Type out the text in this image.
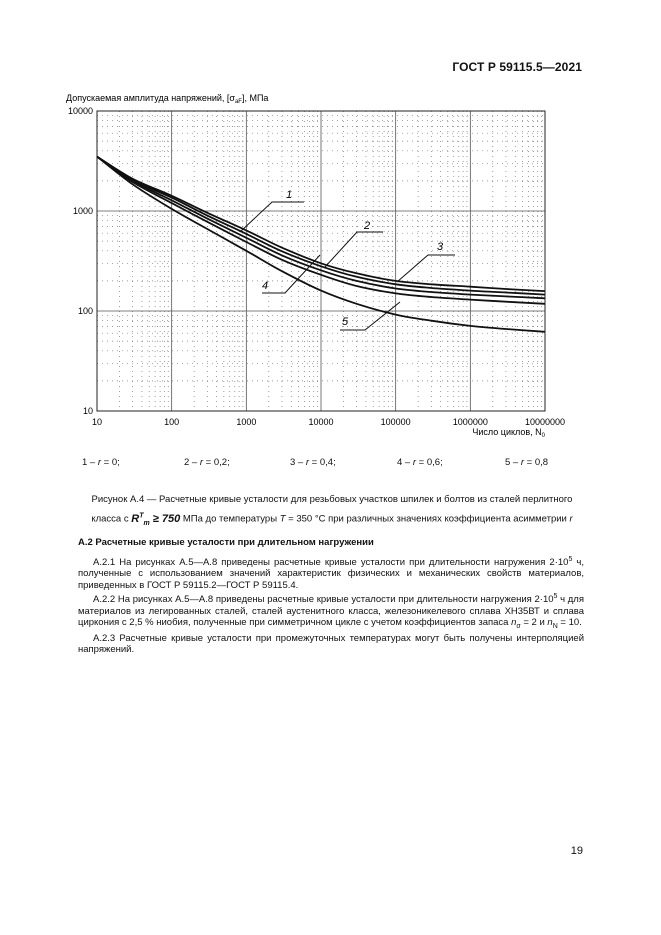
ГОСТ Р 59115.5—2021
1
2
3
4
5
10	100	1000	10000	100000	1000000	10000000
10
100
1000
10000
Допускаемая амплитуда напряжений, $[\sigma_{aF}]$, МПа
Число циклов, $N_0$
1 – r = 0;	2 – r = 0,2;	3 – r = 0,4;	4 – r = 0,6;	5 – r = 0,8
Рисунок А.4 — Расчетные кривые усталости для резьбовых участков шпилек и болтов из сталей перлитного
класса с $R^T_m \ge 750$ МПа до температуры T = 350 °С при различных значениях коэффициента асимметрии r
А.2 Расчетные кривые усталости при длительном нагружении

А.2.1 На рисунках А.5—А.8 приведены расчетные кривые усталости при длительности нагружения $2\cdot 10^5$ ч, полученные с использованием значений характеристик физических и механических свойств материалов, приведенных в ГОСТ Р 59115.2—ГОСТ Р 59115.4.

А.2.2 На рисунках А.5—А.8 приведены расчетные кривые усталости при длительности нагружения $2\cdot 10^5$ ч для материалов из легированных сталей, сталей аустенитного класса, железоникелевого сплава ХН35ВТ и сплава циркония с 2,5 % ниобия, полученные при симметричном цикле с учетом коэффициентов запаса $n_\sigma = 2$ и $n_N = 10$.

А.2.3 Расчетные кривые усталости при промежуточных температурах могут быть получены интерполяцией напряжений.

19
